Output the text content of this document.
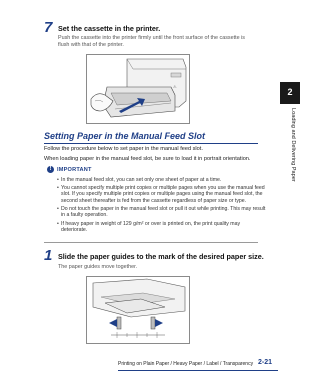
7 Set the cassette in the printer.
Push the cassette into the printer firmly until the front surface of the cassette is
flush with that of the printer.
⚠
Setting Paper in the Manual Feed Slot
Follow the procedure below to set paper in the manual feed slot.
When loading paper in the manual feed slot, be sure to load it in portrait orientation.
! IMPORTANT
• In the manual feed slot, you can set only one sheet of paper at a time.
• You cannot specify multiple print copies or multiple pages when you use the manual feed
slot. If you specify multiple print copies or multiple pages using the manual feed slot, the
second sheet thereafter is fed from the cassette regardless of paper size or type.
• Do not touch the paper in the manual feed slot or pull it out while printing. This may result
in a faulty operation.
• If heavy paper in weight of 129 g/m² or over is printed on, the print quality may
deteriorate.
1 Slide the paper guides to the mark of the desired paper size.
The paper guides move together.
2
Loading and Delivering Paper
Printing on Plain Paper / Heavy Paper / Label / Transparency 2-21
